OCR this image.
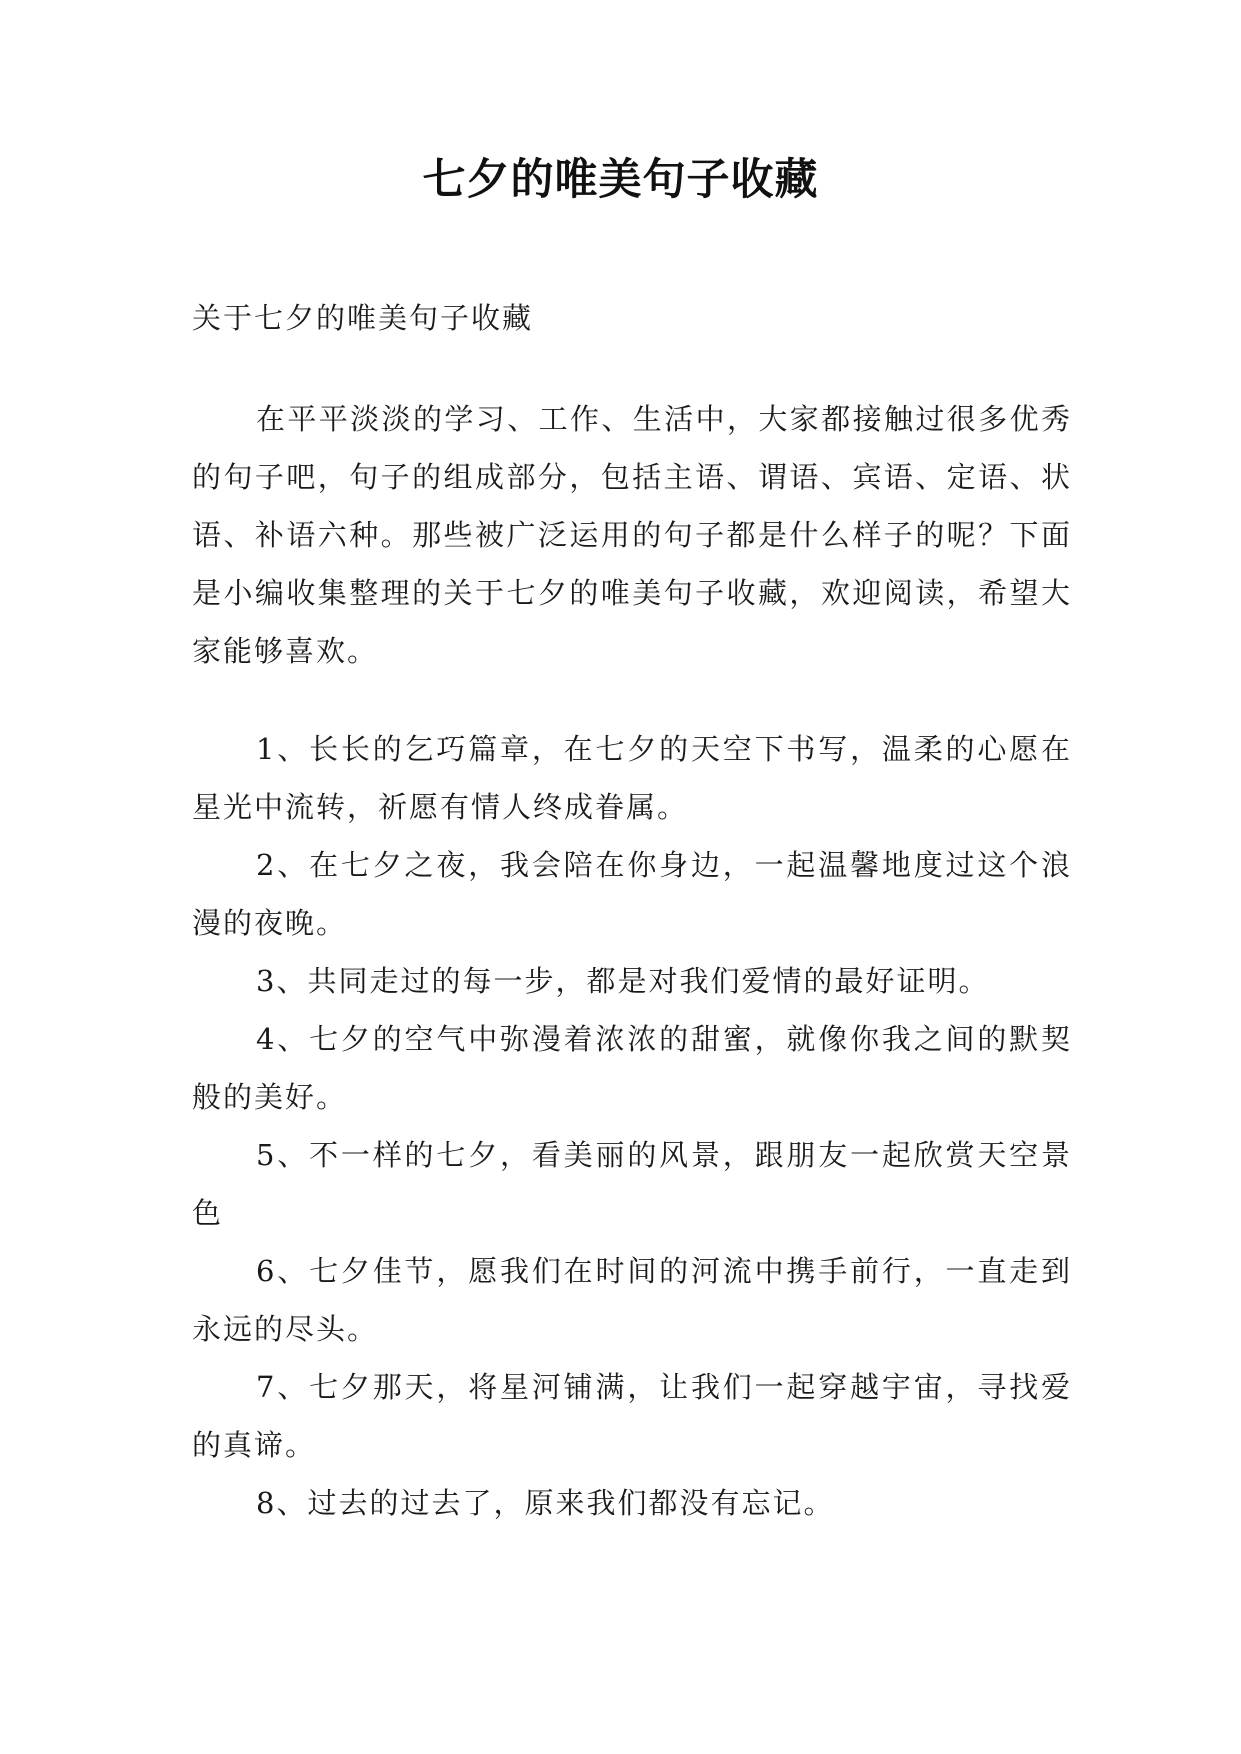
七夕的唯美句子收藏

关于七夕的唯美句子收藏

在平平淡淡的学习、工作、生活中，大家都接触过很多优秀的句子吧，句子的组成部分，包括主语、谓语、宾语、定语、状语、补语六种。那些被广泛运用的句子都是什么样子的呢？下面是小编收集整理的关于七夕的唯美句子收藏，欢迎阅读，希望大家能够喜欢。

1、长长的乞巧篇章，在七夕的天空下书写，温柔的心愿在星光中流转，祈愿有情人终成眷属。

2、在七夕之夜，我会陪在你身边，一起温馨地度过这个浪漫的夜晚。

3、共同走过的每一步，都是对我们爱情的最好证明。

4、七夕的空气中弥漫着浓浓的甜蜜，就像你我之间的默契般的美好。

5、不一样的七夕，看美丽的风景，跟朋友一起欣赏天空景色

6、七夕佳节，愿我们在时间的河流中携手前行，一直走到永远的尽头。

7、七夕那天，将星河铺满，让我们一起穿越宇宙，寻找爱的真谛。

8、过去的过去了，原来我们都没有忘记。
